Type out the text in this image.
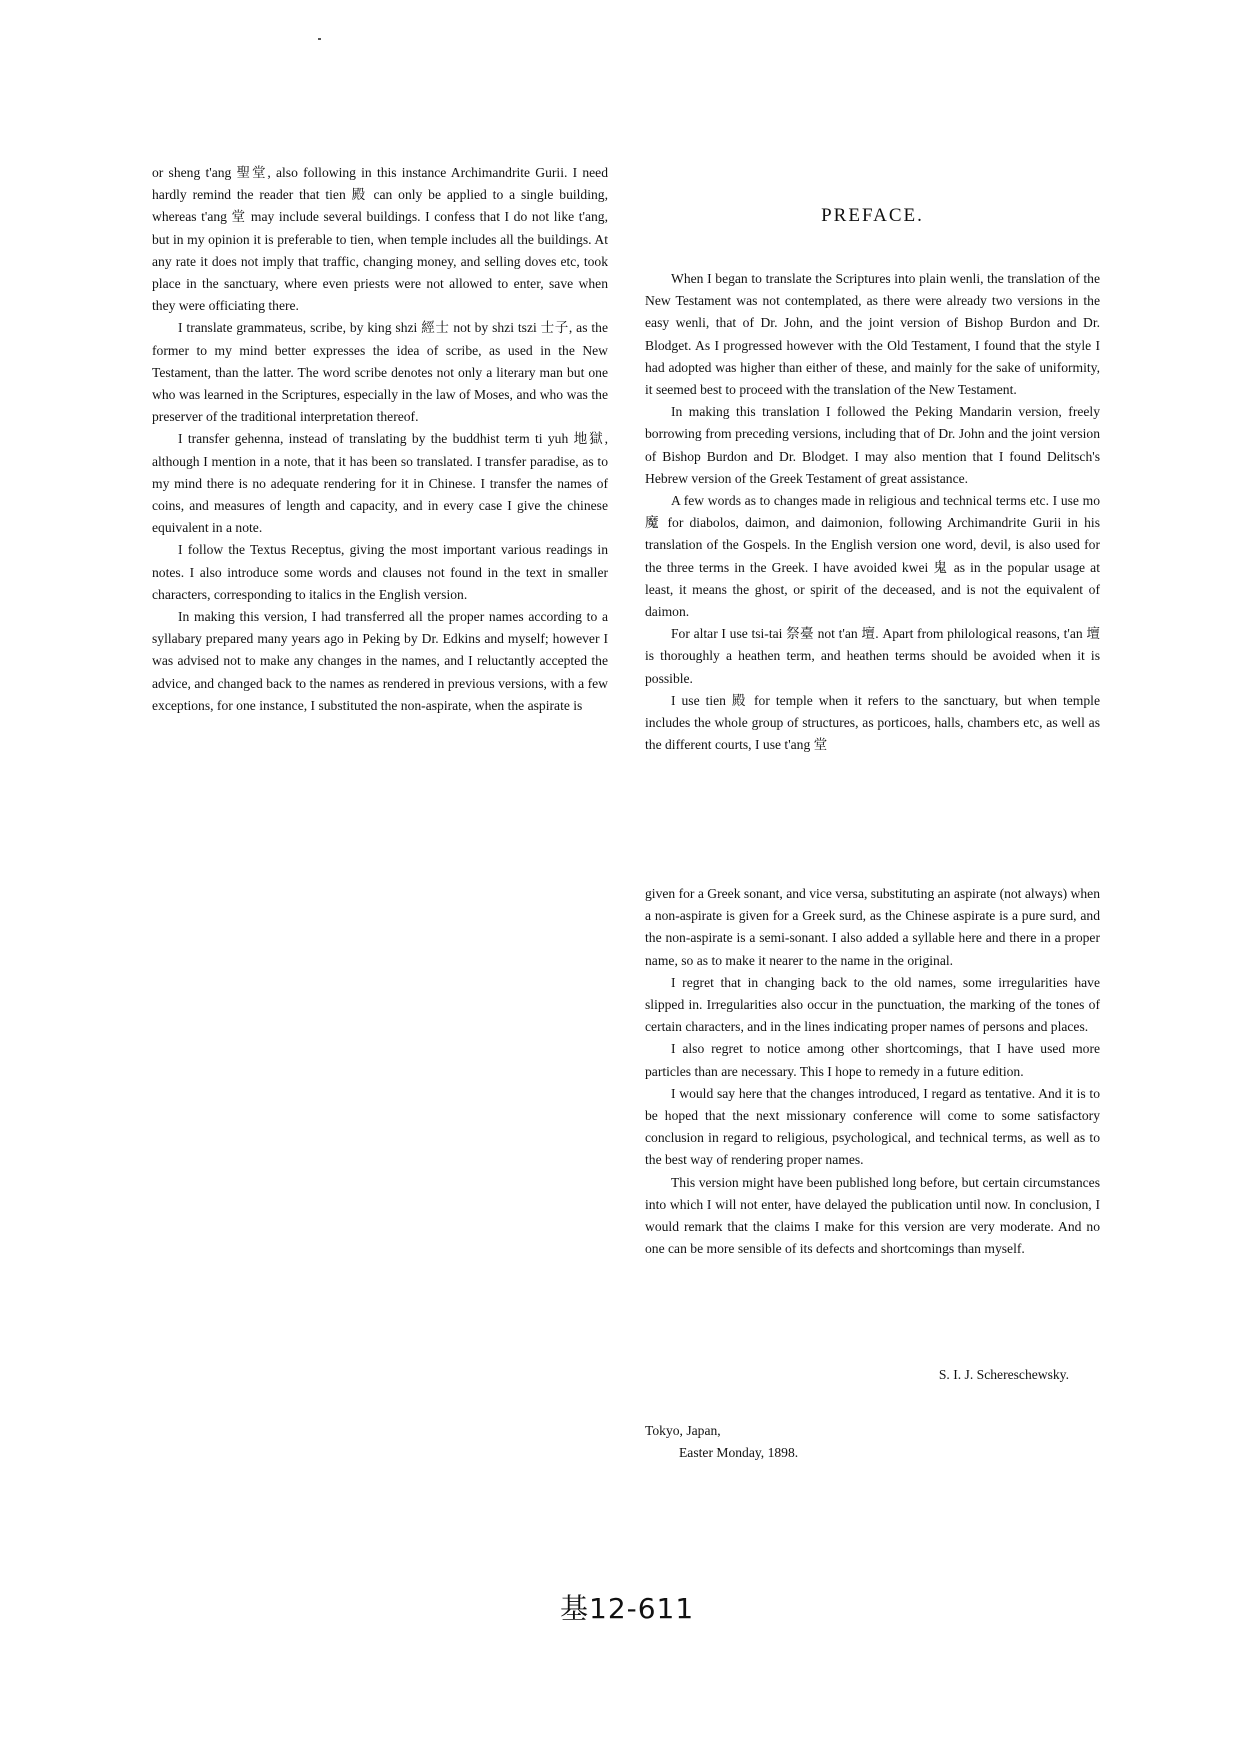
or sheng t'ang 聖堂, also following in this instance Archimandrite Gurii. I need hardly remind the reader that tien 殿 can only be applied to a single building, whereas t'ang 堂 may include several buildings. I confess that I do not like t'ang, but in my opinion it is preferable to tien, when temple includes all the buildings. At any rate it does not imply that traffic, changing money, and selling doves etc, took place in the sanctuary, where even priests were not allowed to enter, save when they were officiating there.

I translate grammateus, scribe, by king shzi 經士 not by shzi tszi 士子, as the former to my mind better expresses the idea of scribe, as used in the New Testament, than the latter. The word scribe denotes not only a literary man but one who was learned in the Scriptures, especially in the law of Moses, and who was the preserver of the traditional interpretation thereof.

I transfer gehenna, instead of translating by the buddhist term ti yuh 地獄, although I mention in a note, that it has been so translated. I transfer paradise, as to my mind there is no adequate rendering for it in Chinese. I transfer the names of coins, and measures of length and capacity, and in every case I give the chinese equivalent in a note.

I follow the Textus Receptus, giving the most important various readings in notes. I also introduce some words and clauses not found in the text in smaller characters, corresponding to italics in the English version.

In making this version, I had transferred all the proper names according to a syllabary prepared many years ago in Peking by Dr. Edkins and myself; however I was advised not to make any changes in the names, and I reluctantly accepted the advice, and changed back to the names as rendered in previous versions, with a few exceptions, for one instance, I substituted the non-aspirate, when the aspirate is

PREFACE.

When I began to translate the Scriptures into plain wenli, the translation of the New Testament was not contemplated, as there were already two versions in the easy wenli, that of Dr. John, and the joint version of Bishop Burdon and Dr. Blodget. As I progressed however with the Old Testament, I found that the style I had adopted was higher than either of these, and mainly for the sake of uniformity, it seemed best to proceed with the translation of the New Testament.

In making this translation I followed the Peking Mandarin version, freely borrowing from preceding versions, including that of Dr. John and the joint version of Bishop Burdon and Dr. Blodget. I may also mention that I found Delitsch's Hebrew version of the Greek Testament of great assistance.

A few words as to changes made in religious and technical terms etc. I use mo 魔 for diabolos, daimon, and daimonion, following Archimandrite Gurii in his translation of the Gospels. In the English version one word, devil, is also used for the three terms in the Greek. I have avoided kwei 鬼 as in the popular usage at least, it means the ghost, or spirit of the deceased, and is not the equivalent of daimon.

For altar I use tsi-tai 祭臺 not t'an 壇. Apart from philological reasons, t'an 壇 is thoroughly a heathen term, and heathen terms should be avoided when it is possible.

I use tien 殿 for temple when it refers to the sanctuary, but when temple includes the whole group of structures, as porticoes, halls, chambers etc, as well as the different courts, I use t'ang 堂

given for a Greek sonant, and vice versa, substituting an aspirate (not always) when a non-aspirate is given for a Greek surd, as the Chinese aspirate is a pure surd, and the non-aspirate is a semi-sonant. I also added a syllable here and there in a proper name, so as to make it nearer to the name in the original.

I regret that in changing back to the old names, some irregularities have slipped in. Irregularities also occur in the punctuation, the marking of the tones of certain characters, and in the lines indicating proper names of persons and places.

I also regret to notice among other shortcomings, that I have used more particles than are necessary. This I hope to remedy in a future edition.

I would say here that the changes introduced, I regard as tentative. And it is to be hoped that the next missionary conference will come to some satisfactory conclusion in regard to religious, psychological, and technical terms, as well as to the best way of rendering proper names.

This version might have been published long before, but certain circumstances into which I will not enter, have delayed the publication until now. In conclusion, I would remark that the claims I make for this version are very moderate. And no one can be more sensible of its defects and shortcomings than myself.

S. I. J. Schereschewsky.
Tokyo, Japan,
Easter Monday, 1898.
基12-611
